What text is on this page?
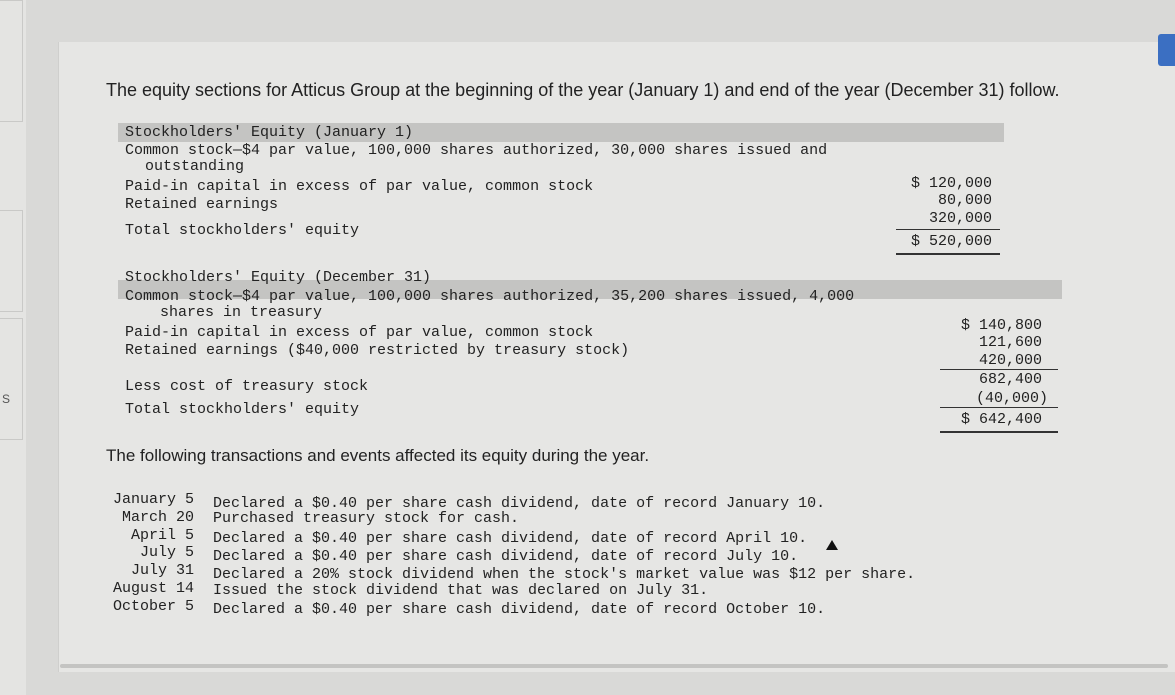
S
The equity sections for Atticus Group at the beginning of the year (January 1) and end of the year (December 31) follow.
Stockholders' Equity (January 1)
Common stock—$4 par value, 100,000 shares authorized, 30,000 shares issued and
outstanding
Paid-in capital in excess of par value, common stock
Retained earnings
Total stockholders' equity
$ 120,000
80,000
320,000
$ 520,000
Stockholders' Equity (December 31)
Common stock—$4 par value, 100,000 shares authorized, 35,200 shares issued, 4,000
shares in treasury
Paid-in capital in excess of par value, common stock
Retained earnings ($40,000 restricted by treasury stock)
Less cost of treasury stock
Total stockholders' equity
$ 140,800
121,600
420,000
682,400
(40,000)
$ 642,400
The following transactions and events affected its equity during the year.
January 5 Declared a $0.40 per share cash dividend, date of record January 10.
March 20 Purchased treasury stock for cash.
April 5 Declared a $0.40 per share cash dividend, date of record April 10.
July 5 Declared a $0.40 per share cash dividend, date of record July 10.
July 31 Declared a 20% stock dividend when the stock's market value was $12 per share.
August 14 Issued the stock dividend that was declared on July 31.
October 5 Declared a $0.40 per share cash dividend, date of record October 10.
